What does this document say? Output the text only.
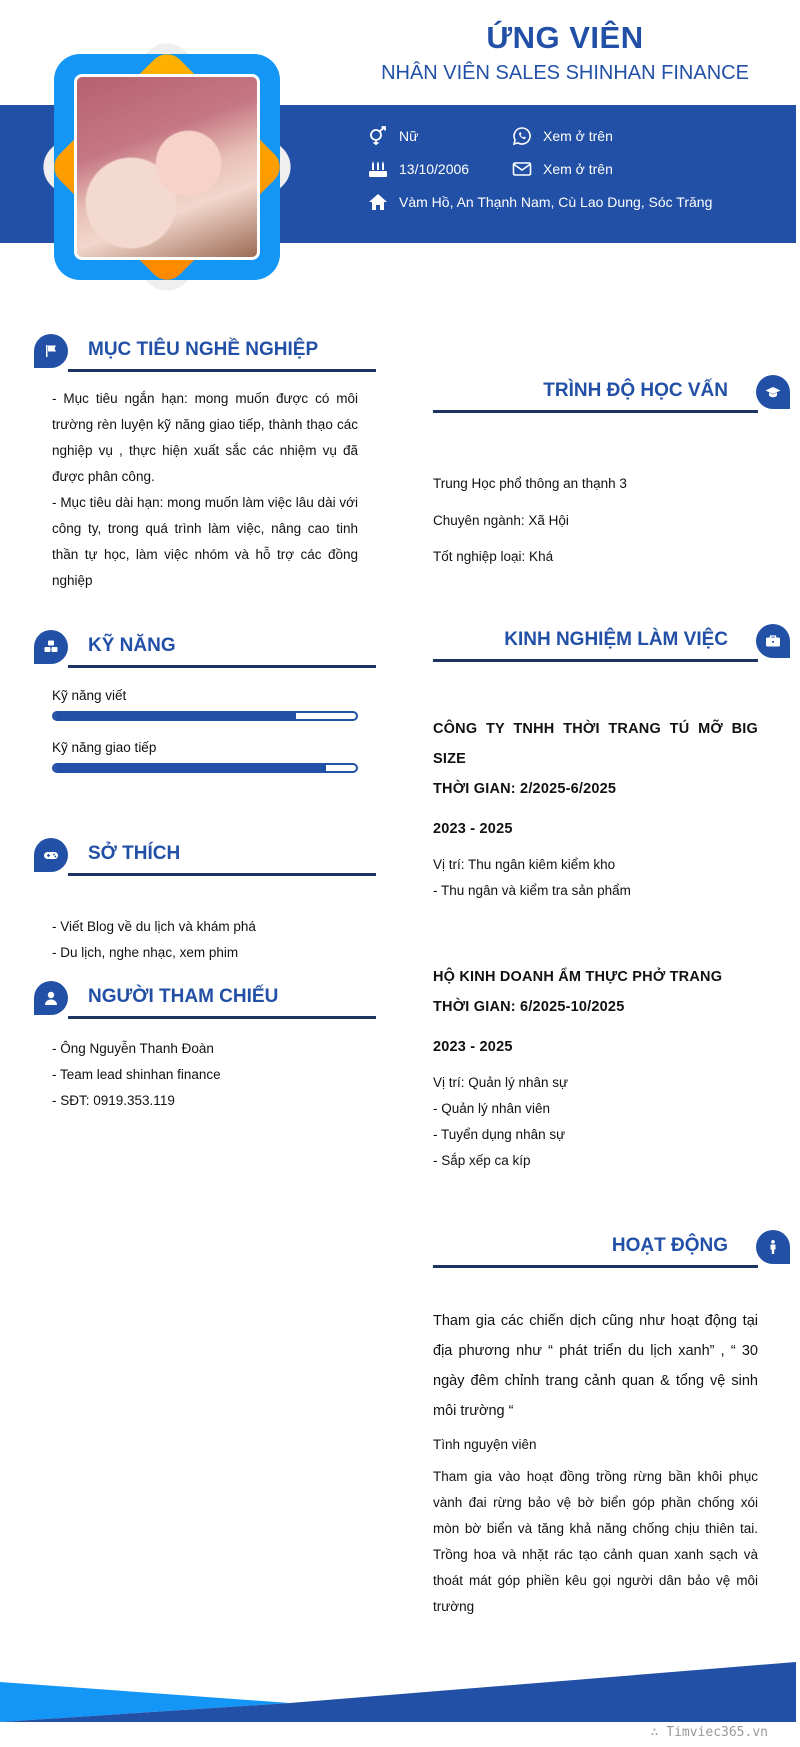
ỨNG VIÊN
NHÂN VIÊN SALES SHINHAN FINANCE
Nữ
13/10/2006
Xem ở trên
Xem ở trên
Vàm Hồ, An Thạnh Nam, Cù Lao Dung, Sóc Trăng
MỤC TIÊU NGHỀ NGHIỆP
- Mục tiêu ngắn hạn: mong muốn được có môi trường rèn luyện kỹ năng giao tiếp, thành thạo các nghiệp vụ , thực hiện xuất sắc các nhiệm vụ đã được phân công.
- Mục tiêu dài hạn: mong muốn làm việc lâu dài với công ty, trong quá trình làm việc, nâng cao tinh thần tự học, làm việc nhóm và hỗ trợ các đồng nghiệp
KỸ NĂNG
Kỹ năng viết
Kỹ năng giao tiếp
SỞ THÍCH
- Viết Blog về du lịch và khám phá
- Du lịch, nghe nhạc, xem phim
NGƯỜI THAM CHIẾU
- Ông Nguyễn Thanh Đoàn
- Team lead shinhan finance
- SĐT: 0919.353.119
TRÌNH ĐỘ HỌC VẤN
Trung Học phổ thông an thạnh 3
Chuyên ngành: Xã Hội
Tốt nghiệp loại: Khá
KINH NGHIỆM LÀM VIỆC
CÔNG TY TNHH THỜI TRANG TÚ MỠ BIG SIZE
THỜI GIAN: 2/2025-6/2025
2023 - 2025
Vị trí: Thu ngân kiêm kiểm kho
- Thu ngân và kiểm tra sản phẩm
HỘ KINH DOANH ẨM THỰC PHỞ TRANG
THỜI GIAN: 6/2025-10/2025
2023 - 2025
Vị trí: Quản lý nhân sự
- Quản lý nhân viên
- Tuyển dụng nhân sự
- Sắp xếp ca kíp
HOẠT ĐỘNG
Tham gia các chiến dịch cũng như hoạt động tại địa phương như “ phát triển du lịch xanh” , “ 30 ngày đêm chỉnh trang cảnh quan & tổng vệ sinh môi trường “
Tình nguyện viên
Tham gia vào hoạt đồng trồng rừng bần khôi phục vành đai rừng bảo vệ bờ biển góp phần chống xói mòn bờ biển và tăng khả năng chống chịu thiên tai. Trồng hoa và nhặt rác tạo cảnh quan xanh sạch và thoát mát góp phiền kêu gọi người dân bảo vệ môi trường
∴ Timviec365.vn
